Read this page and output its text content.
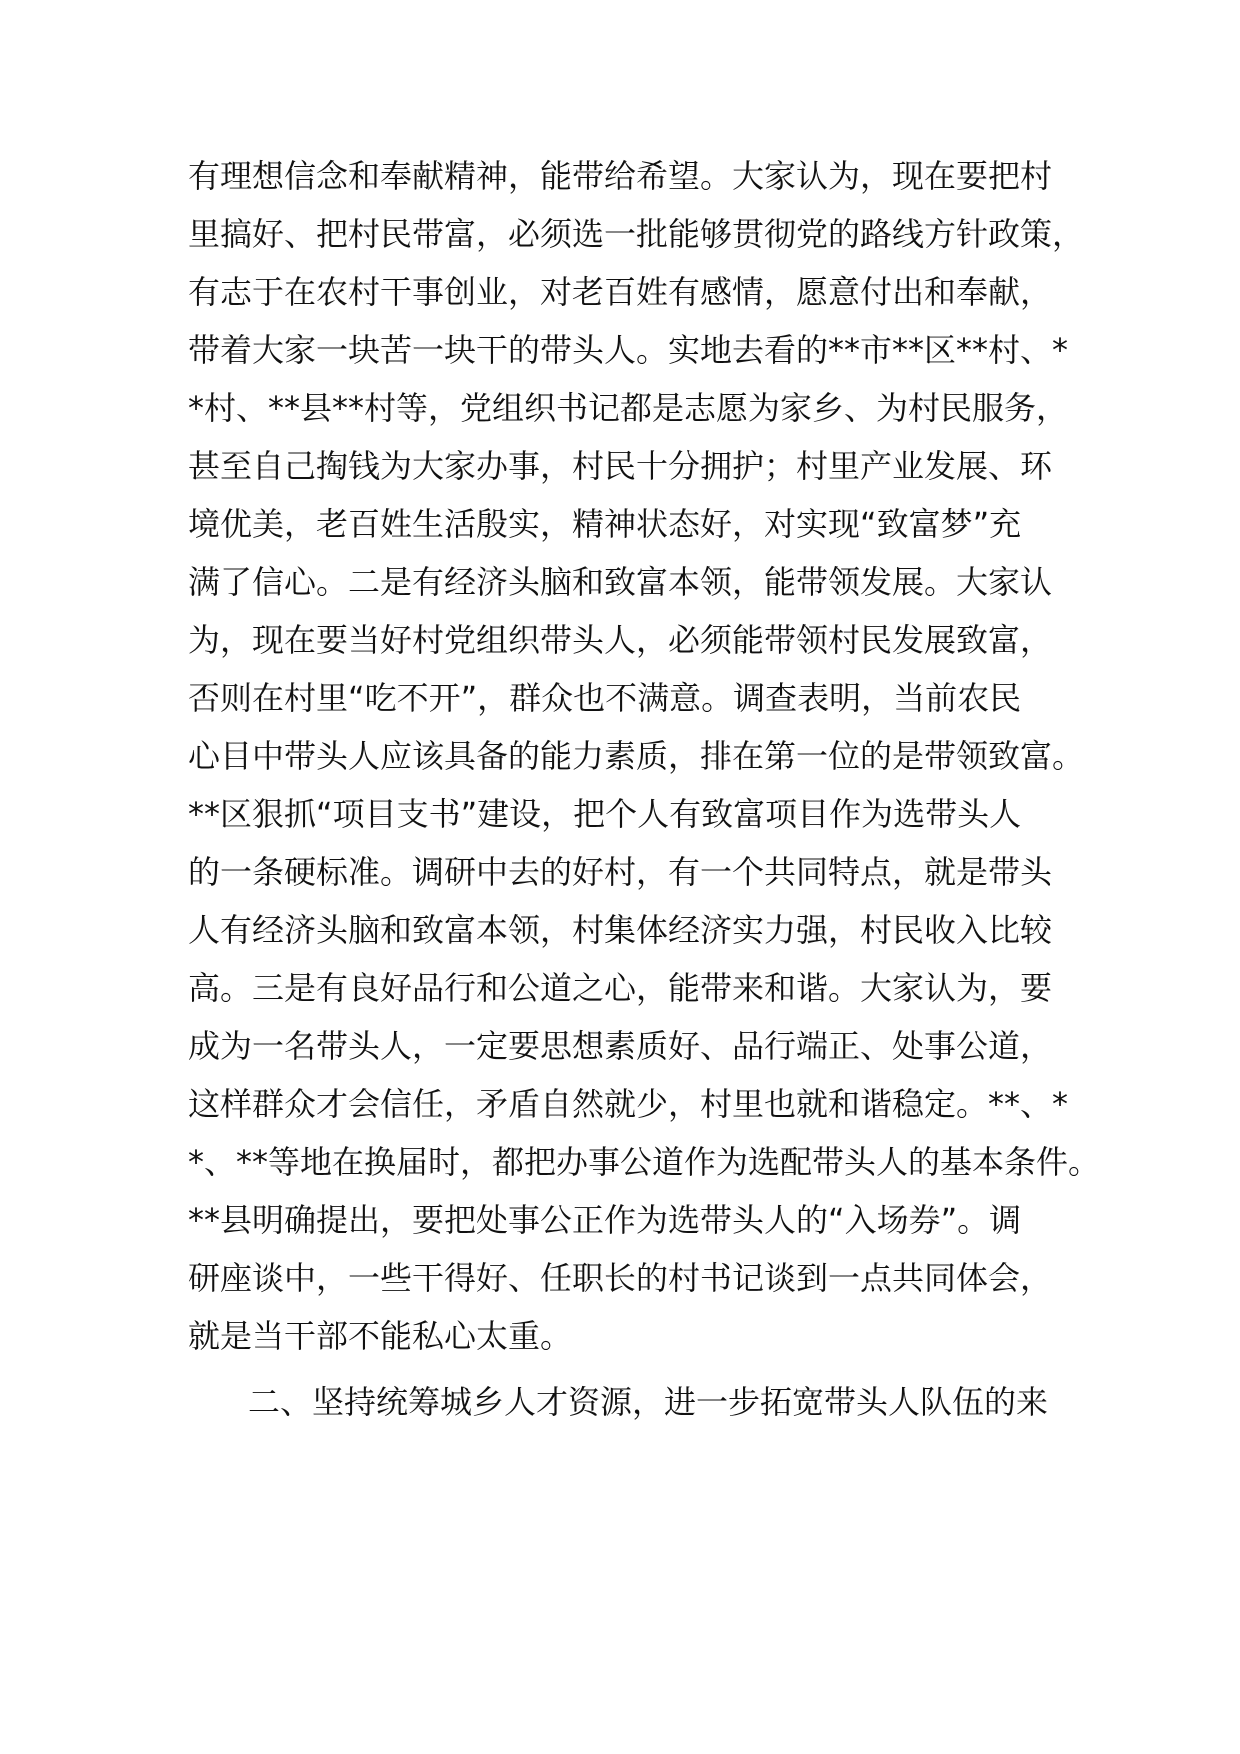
有理想信念和奉献精神，能带给希望。大家认为，现在要把村
里搞好、把村民带富，必须选一批能够贯彻党的路线方针政策，
有志于在农村干事创业，对老百姓有感情，愿意付出和奉献，
带着大家一块苦一块干的带头人。实地去看的**市**区**村、*
*村、**县**村等，党组织书记都是志愿为家乡、为村民服务，
甚至自己掏钱为大家办事，村民十分拥护；村里产业发展、环
境优美，老百姓生活殷实，精神状态好，对实现“致富梦”充
满了信心。二是有经济头脑和致富本领，能带领发展。大家认
为，现在要当好村党组织带头人，必须能带领村民发展致富，
否则在村里“吃不开”，群众也不满意。调查表明，当前农民
心目中带头人应该具备的能力素质，排在第一位的是带领致富。
**区狠抓“项目支书”建设，把个人有致富项目作为选带头人
的一条硬标准。调研中去的好村，有一个共同特点，就是带头
人有经济头脑和致富本领，村集体经济实力强，村民收入比较
高。三是有良好品行和公道之心，能带来和谐。大家认为，要
成为一名带头人，一定要思想素质好、品行端正、处事公道，
这样群众才会信任，矛盾自然就少，村里也就和谐稳定。**、*
*、**等地在换届时，都把办事公道作为选配带头人的基本条件。
**县明确提出，要把处事公正作为选带头人的“入场券”。调
研座谈中，一些干得好、任职长的村书记谈到一点共同体会，
就是当干部不能私心太重。
二、坚持统筹城乡人才资源，进一步拓宽带头人队伍的来
